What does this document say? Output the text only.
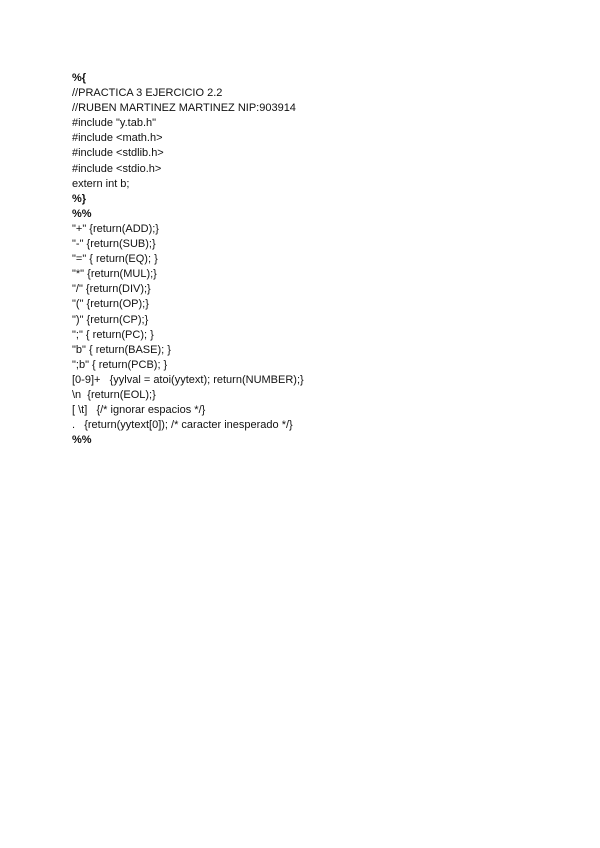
%{
//PRACTICA 3 EJERCICIO 2.2
//RUBEN MARTINEZ MARTINEZ NIP:903914
#include "y.tab.h"
#include <math.h>
#include <stdlib.h>
#include <stdio.h>
extern int b;
%}
%%
"+" {return(ADD);}
"-" {return(SUB);}
"=" { return(EQ); }
"*" {return(MUL);}
"/" {return(DIV);}
"(" {return(OP);}
")" {return(CP);}
";" { return(PC); }
"b" { return(BASE); }
";b" { return(PCB); }
[0-9]+   {yylval = atoi(yytext); return(NUMBER);}
\n  {return(EOL);}
[ \t]   {/* ignorar espacios */}
.   {return(yytext[0]); /* caracter inesperado */}
%%
